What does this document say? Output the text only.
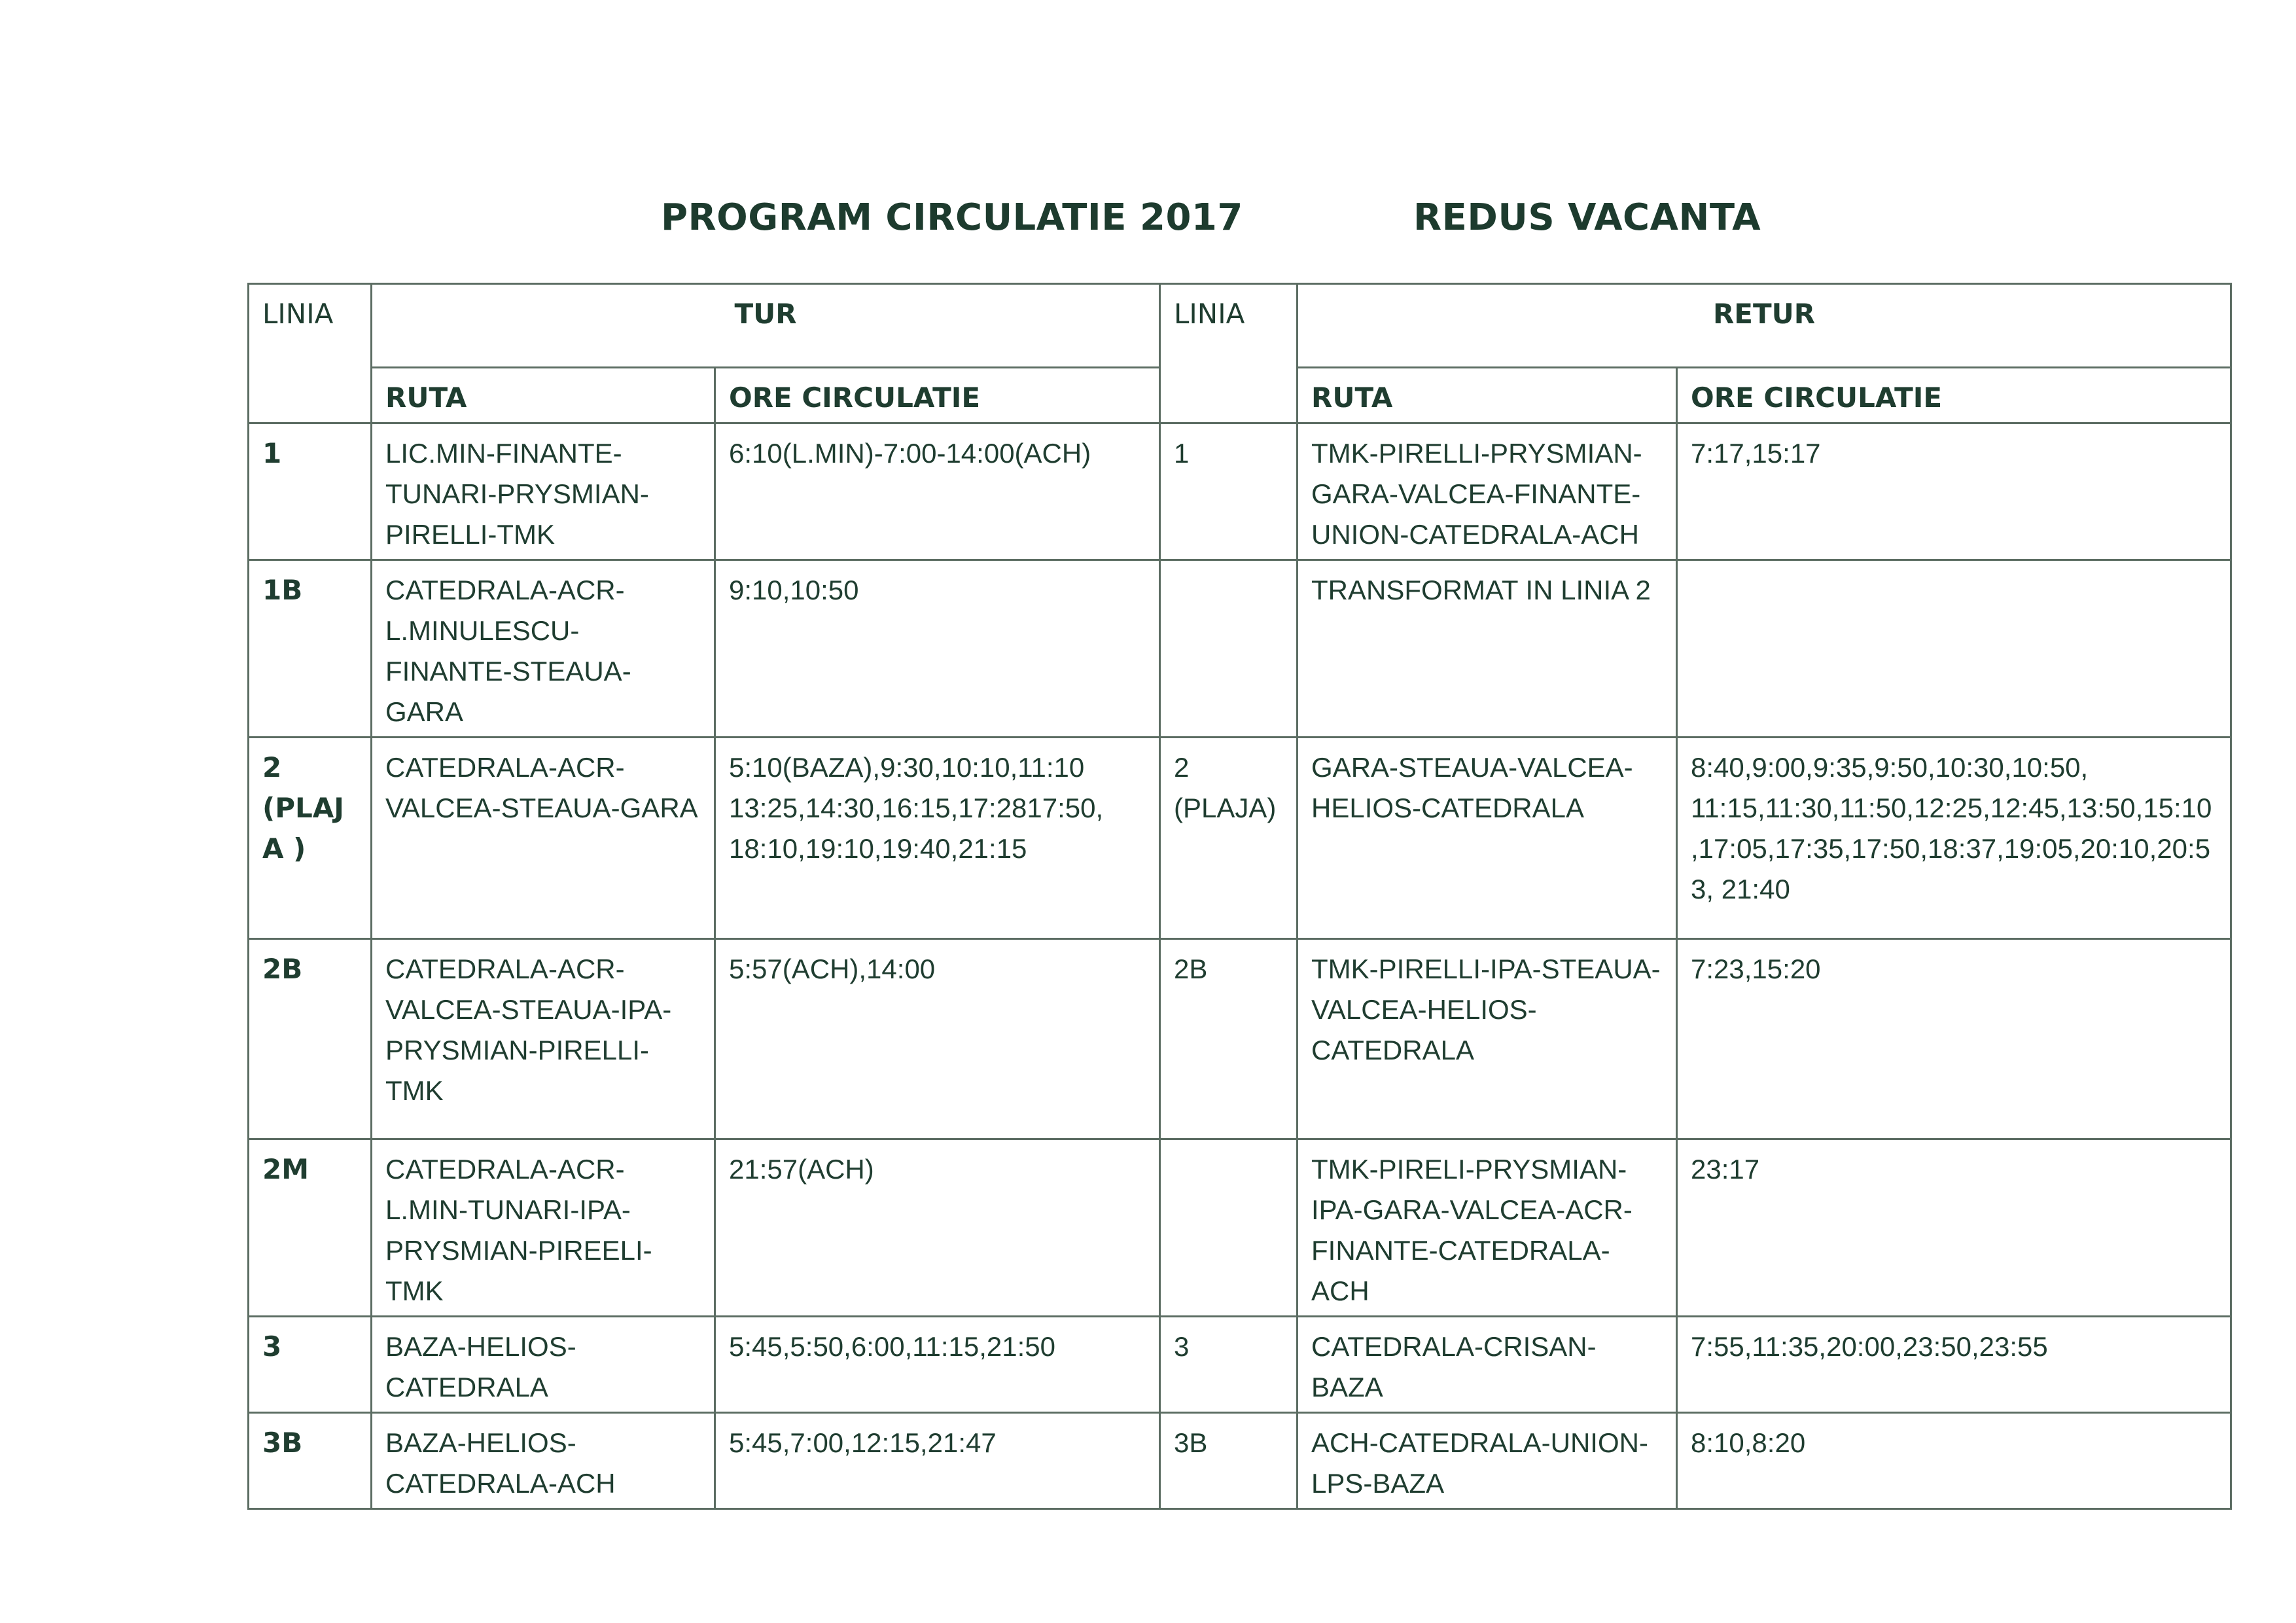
PROGRAM CIRCULATIE 2017	REDUS VACANTA
LINIA	TUR		LINIA	RETUR	
	RUTA	ORE CIRCULATIE		RUTA	ORE CIRCULATIE
1	LIC.MIN-FINANTE-TUNARI-PRYSMIAN-PIRELLI-TMK	6:10(L.MIN)-7:00-14:00(ACH)	1	TMK-PIRELLI-PRYSMIAN-GARA-VALCEA-FINANTE-UNION-CATEDRALA-ACH	7:17,15:17
1B	CATEDRALA-ACR-L.MINULESCU-FINANTE-STEAUA-GARA	9:10,10:50		TRANSFORMAT IN LINIA 2	
2 (PLAJA )	CATEDRALA-ACR-VALCEA-STEAUA-GARA	5:10(BAZA),9:30,10:10,11:10 13:25,14:30,16:15,17:2817:50, 18:10,19:10,19:40,21:15	2 (PLAJA)	GARA-STEAUA-VALCEA-HELIOS-CATEDRALA	8:40,9:00,9:35,9:50,10:30,10:50, 11:15,11:30,11:50,12:25,12:45,13:50,15:10,17:05,17:35,17:50,18:37,19:05,20:10,20:53, 21:40
2B	CATEDRALA-ACR-VALCEA-STEAUA-IPA-PRYSMIAN-PIRELLI-TMK	5:57(ACH),14:00	2B	TMK-PIRELLI-IPA-STEAUA-VALCEA-HELIOS-CATEDRALA	7:23,15:20
2M	CATEDRALA-ACR-L.MIN-TUNARI-IPA-PRYSMIAN-PIREELI-TMK	21:57(ACH)		TMK-PIRELI-PRYSMIAN-IPA-GARA-VALCEA-ACR-FINANTE-CATEDRALA-ACH	23:17
3	BAZA-HELIOS-CATEDRALA	5:45,5:50,6:00,11:15,21:50	3	CATEDRALA-CRISAN-BAZA	7:55,11:35,20:00,23:50,23:55
3B	BAZA-HELIOS-CATEDRALA-ACH	5:45,7:00,12:15,21:47	3B	ACH-CATEDRALA-UNION-LPS-BAZA	8:10,8:20
